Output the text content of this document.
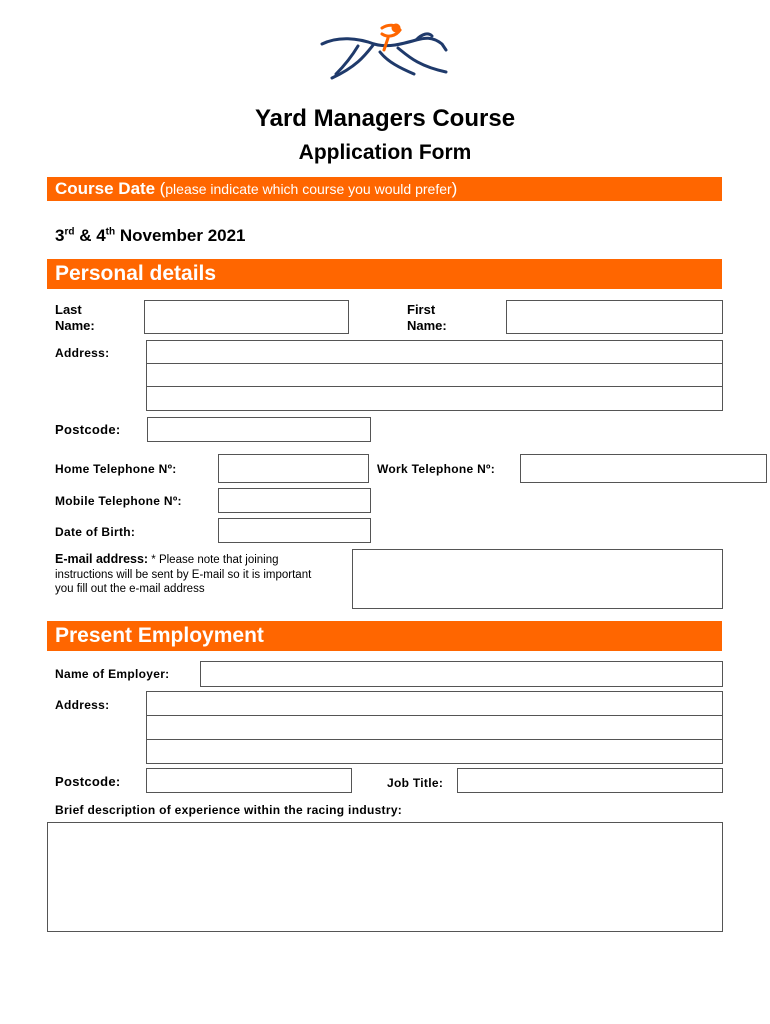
Yard Managers Course
Application Form
Course Date (please indicate which course you would prefer)
3rd & 4th November 2021
Personal details
Last
Name:
First
Name:
Address:
Postcode:
Home Telephone Nº:	Work Telephone Nº:
Mobile Telephone Nº:
Date of Birth:
E-mail address: * Please note that joining
instructions will be sent by E-mail so it is important
you fill out the e-mail address
Present Employment
Name of Employer:
Address:
Postcode:	Job Title:
Brief description of experience within the racing industry:
